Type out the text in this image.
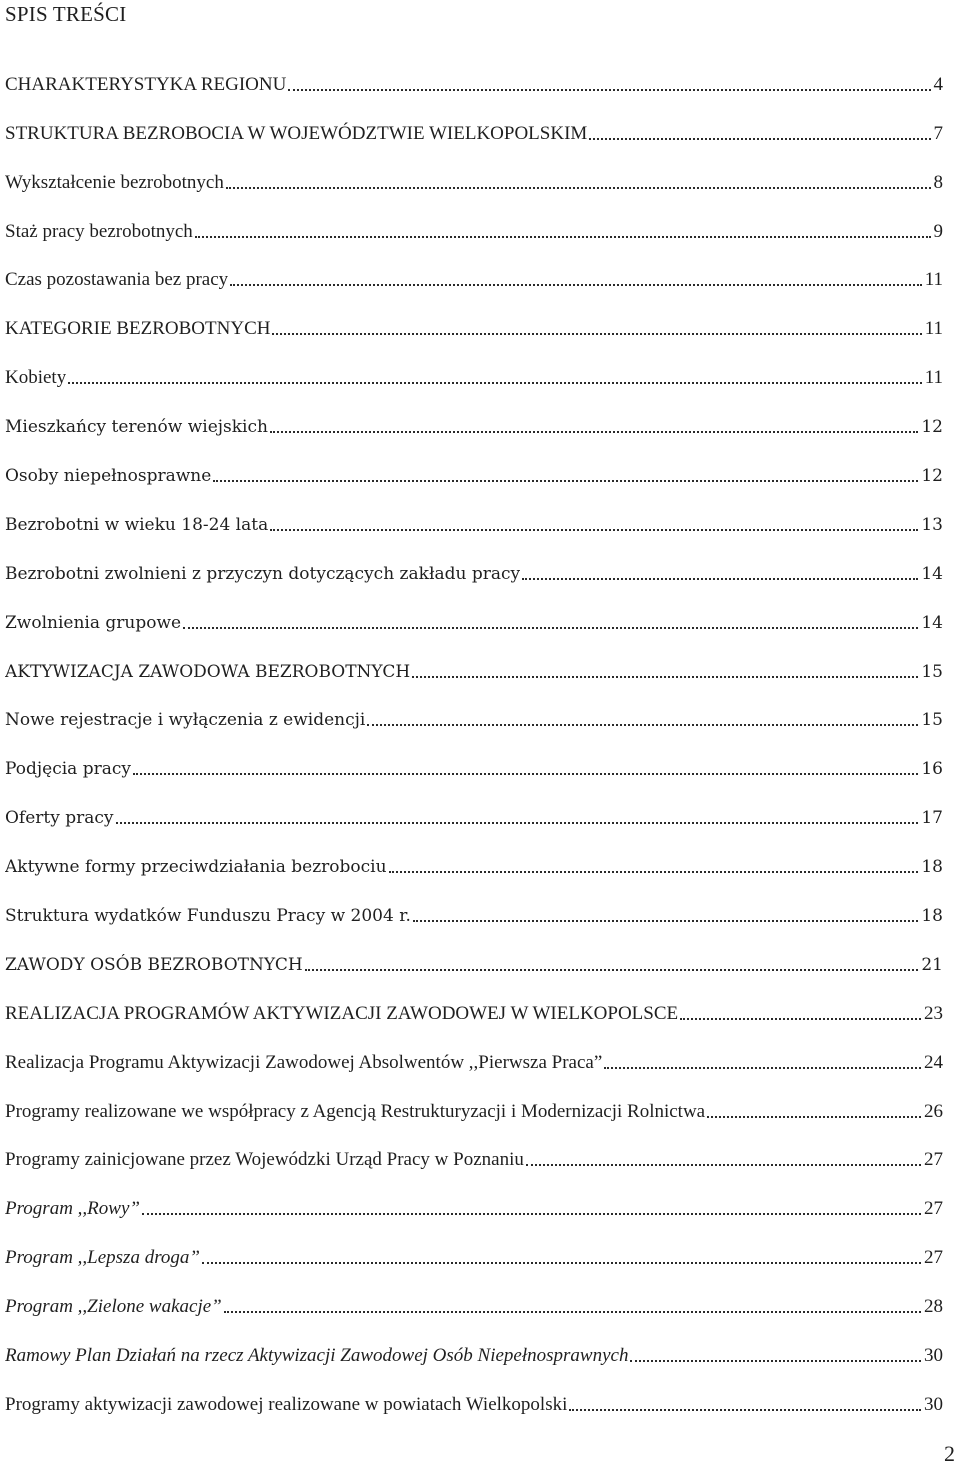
SPIS TREŚCI
CHARAKTERYSTYKA REGIONU	4
STRUKTURA BEZROBOCIA W WOJEWÓDZTWIE WIELKOPOLSKIM	7
Wykształcenie bezrobotnych	8
Staż pracy bezrobotnych	9
Czas pozostawania bez pracy	11
KATEGORIE BEZROBOTNYCH	11
Kobiety	11
Mieszkańcy terenów wiejskich	12
Osoby niepełnosprawne	12
Bezrobotni w wieku 18-24 lata	13
Bezrobotni zwolnieni z przyczyn dotyczących zakładu pracy	14
Zwolnienia grupowe	14
AKTYWIZACJA ZAWODOWA BEZROBOTNYCH	15
Nowe rejestracje i wyłączenia z ewidencji	15
Podjęcia pracy	16
Oferty pracy	17
Aktywne formy przeciwdziałania bezrobociu	18
Struktura wydatków Funduszu Pracy w 2004 r.	18
ZAWODY OSÓB BEZROBOTNYCH	21
REALIZACJA PROGRAMÓW AKTYWIZACJI ZAWODOWEJ W WIELKOPOLSCE	23
Realizacja Programu Aktywizacji Zawodowej Absolwentów ,,Pierwsza Praca”	24
Programy realizowane we współpracy z Agencją Restrukturyzacji i Modernizacji Rolnictwa	26
Programy zainicjowane przez Wojewódzki Urząd Pracy w Poznaniu	27
Program ,,Rowy”	27
Program ,,Lepsza droga”	27
Program ,,Zielone wakacje”	28
Ramowy Plan Działań na rzecz Aktywizacji Zawodowej Osób Niepełnosprawnych	30
Programy aktywizacji zawodowej realizowane w powiatach Wielkopolski	30
2
